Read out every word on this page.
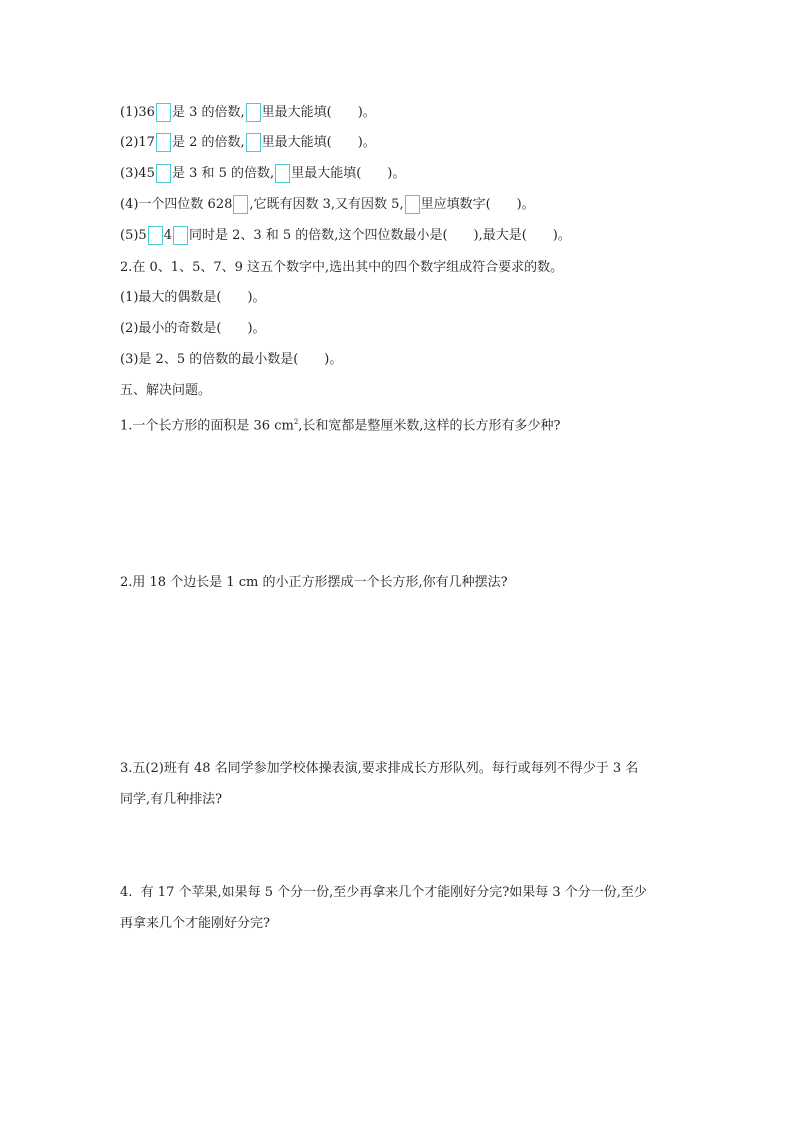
(1)36 是 3 的倍数, 里最大能填(　　)。
(2)17 是 2 的倍数, 里最大能填(　　)。
(3)45 是 3 和 5 的倍数, 里最大能填(　　)。
(4)一个四位数 628 ,它既有因数 3,又有因数 5, 里应填数字(　　)。
(5)5 4 同时是 2、3 和 5 的倍数,这个四位数最小是(　　),最大是(　　)。
2.在 0、1、5、7、9 这五个数字中,选出其中的四个数字组成符合要求的数。
(1)最大的偶数是(　　)。
(2)最小的奇数是(　　)。
(3)是 2、5 的倍数的最小数是(　　)。
五、解决问题。
1.一个长方形的面积是 36 $cm^2$,长和宽都是整厘米数,这样的长方形有多少种?
2.用 18 个边长是 1 cm 的小正方形摆成一个长方形,你有几种摆法?
3.五(2)班有 48 名同学参加学校体操表演,要求排成长方形队列。每行或每列不得少于 3 名
同学,有几种排法?
4.  有 17 个苹果,如果每 5 个分一份,至少再拿来几个才能刚好分完?如果每 3 个分一份,至少
再拿来几个才能刚好分完?
